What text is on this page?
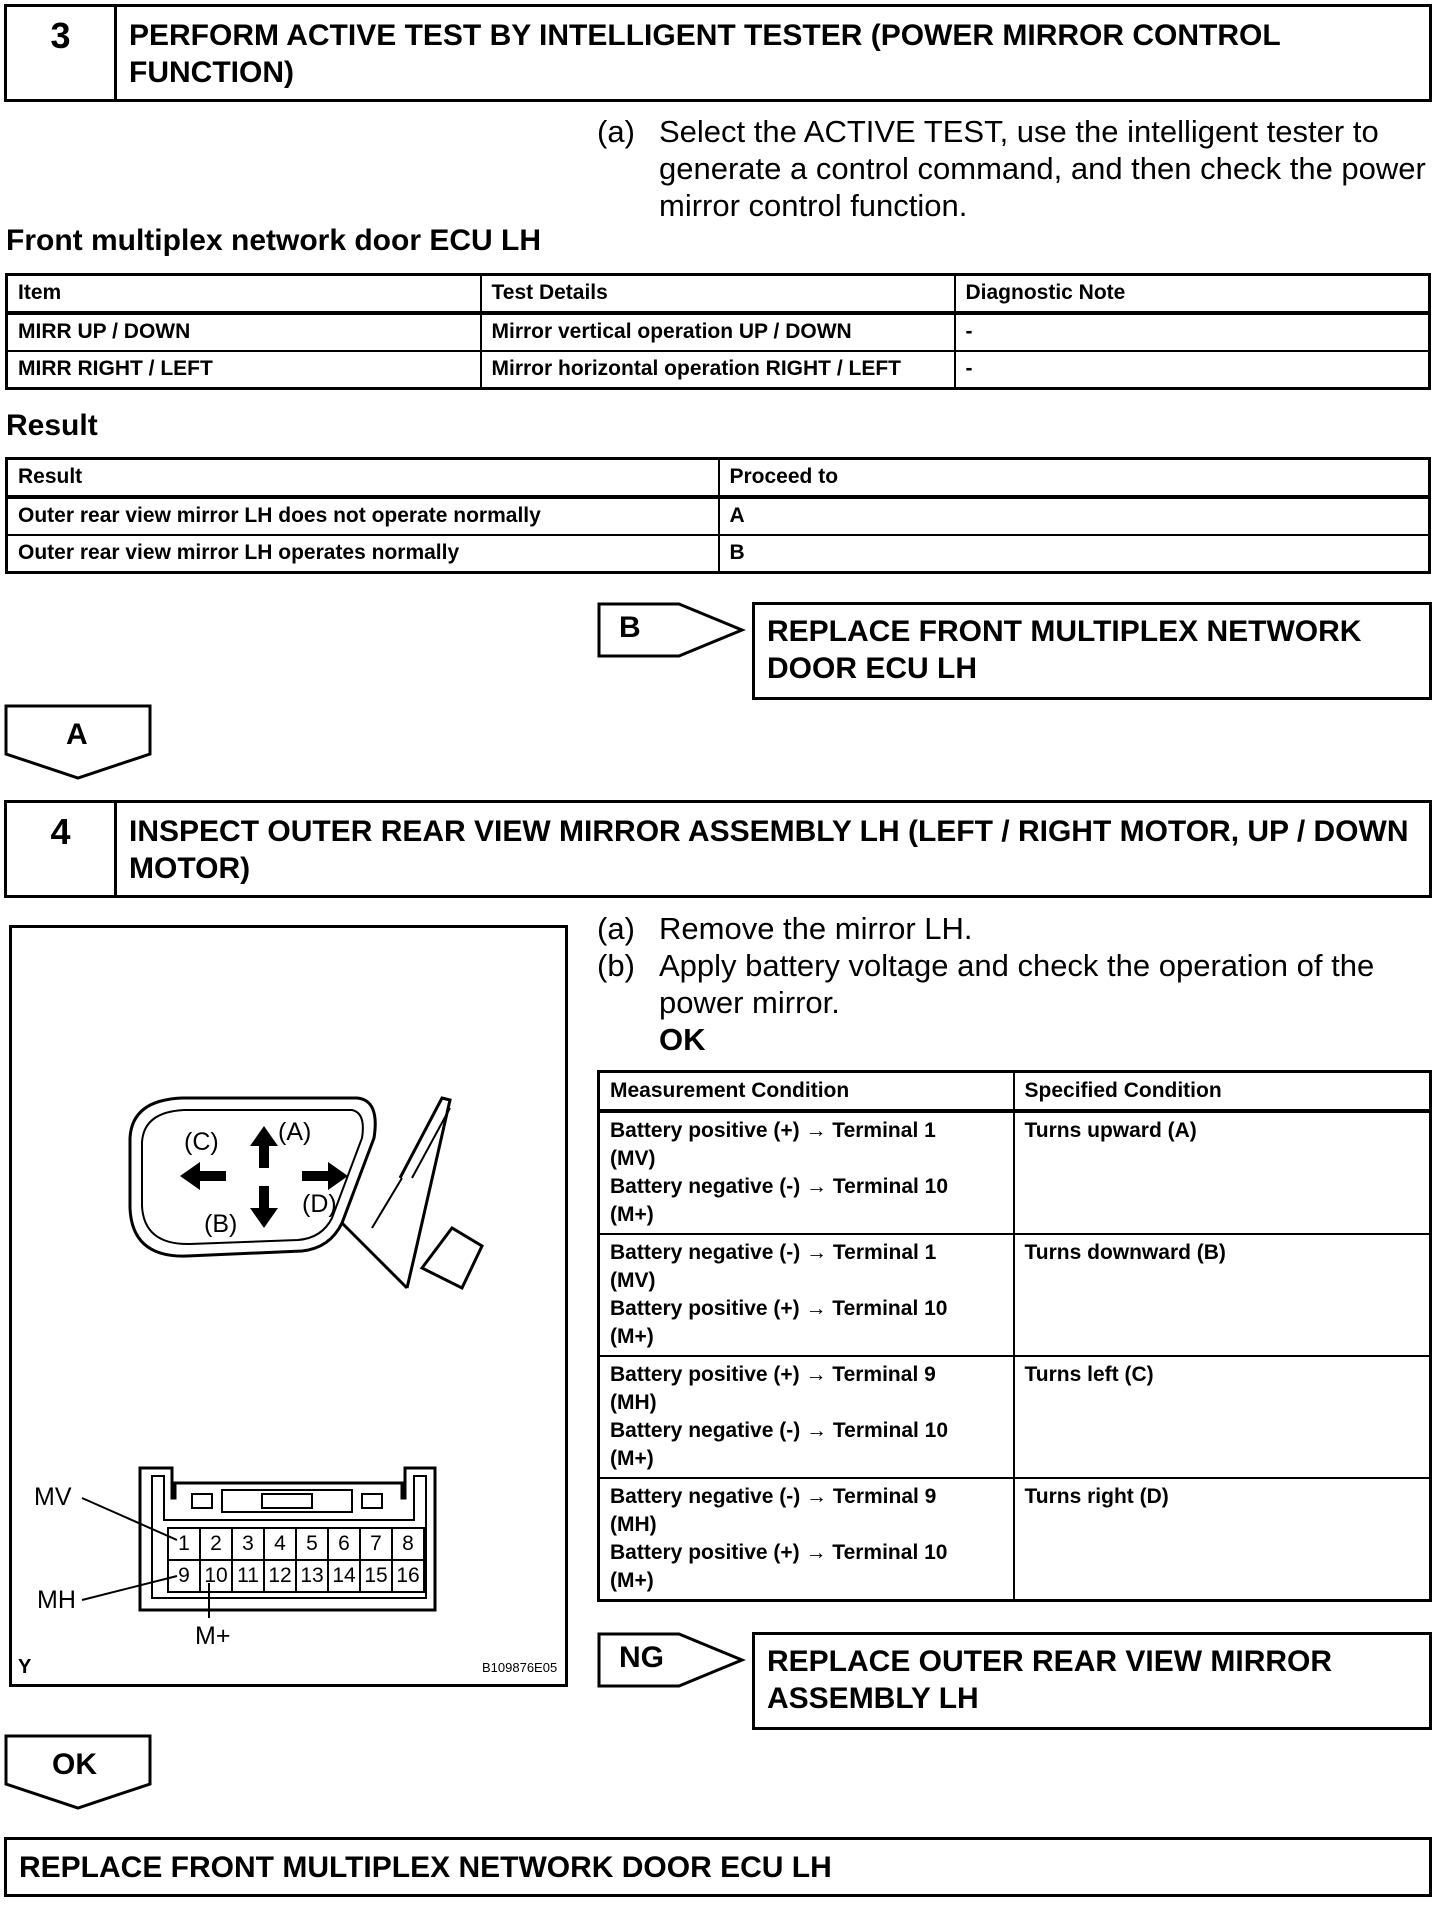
3	PERFORM ACTIVE TEST BY INTELLIGENT TESTER (POWER MIRROR CONTROL FUNCTION)
(a) Select the ACTIVE TEST, use the intelligent tester to generate a control command, and then check the power mirror control function.
Front multiplex network door ECU LH
Item	Test Details	Diagnostic Note
MIRR UP / DOWN	Mirror vertical operation UP / DOWN	-
MIRR RIGHT / LEFT	Mirror horizontal operation RIGHT / LEFT	-
Result
Result	Proceed to
Outer rear view mirror LH does not operate normally	A
Outer rear view mirror LH operates normally	B
B	REPLACE FRONT MULTIPLEX NETWORK DOOR ECU LH
A
4	INSPECT OUTER REAR VIEW MIRROR ASSEMBLY LH (LEFT / RIGHT MOTOR, UP / DOWN MOTOR)
(C) (A)
(B)
(D)
MV
MH
M+
Y	B109876E05
1 2 3 4 5 6 7 8
9 10 11 12 13 14 15 16
(a) Remove the mirror LH.
(b) Apply battery voltage and check the operation of the power mirror.
OK
Measurement Condition	Specified Condition

Battery positive (+) → Terminal 1
(MV)
Battery negative (-) → Terminal 10
(M+)	Turns upward (A)

Battery negative (-) → Terminal 1
(MV)
Battery positive (+) → Terminal 10
(M+)	Turns downward (B)

Battery positive (+) → Terminal 9
(MH)
Battery negative (-) → Terminal 10
(M+)	Turns left (C)

Battery negative (-) → Terminal 9
(MH)
Battery positive (+) → Terminal 10
(M+)	Turns right (D)
NG	REPLACE OUTER REAR VIEW MIRROR ASSEMBLY LH
OK
REPLACE FRONT MULTIPLEX NETWORK DOOR ECU LH
